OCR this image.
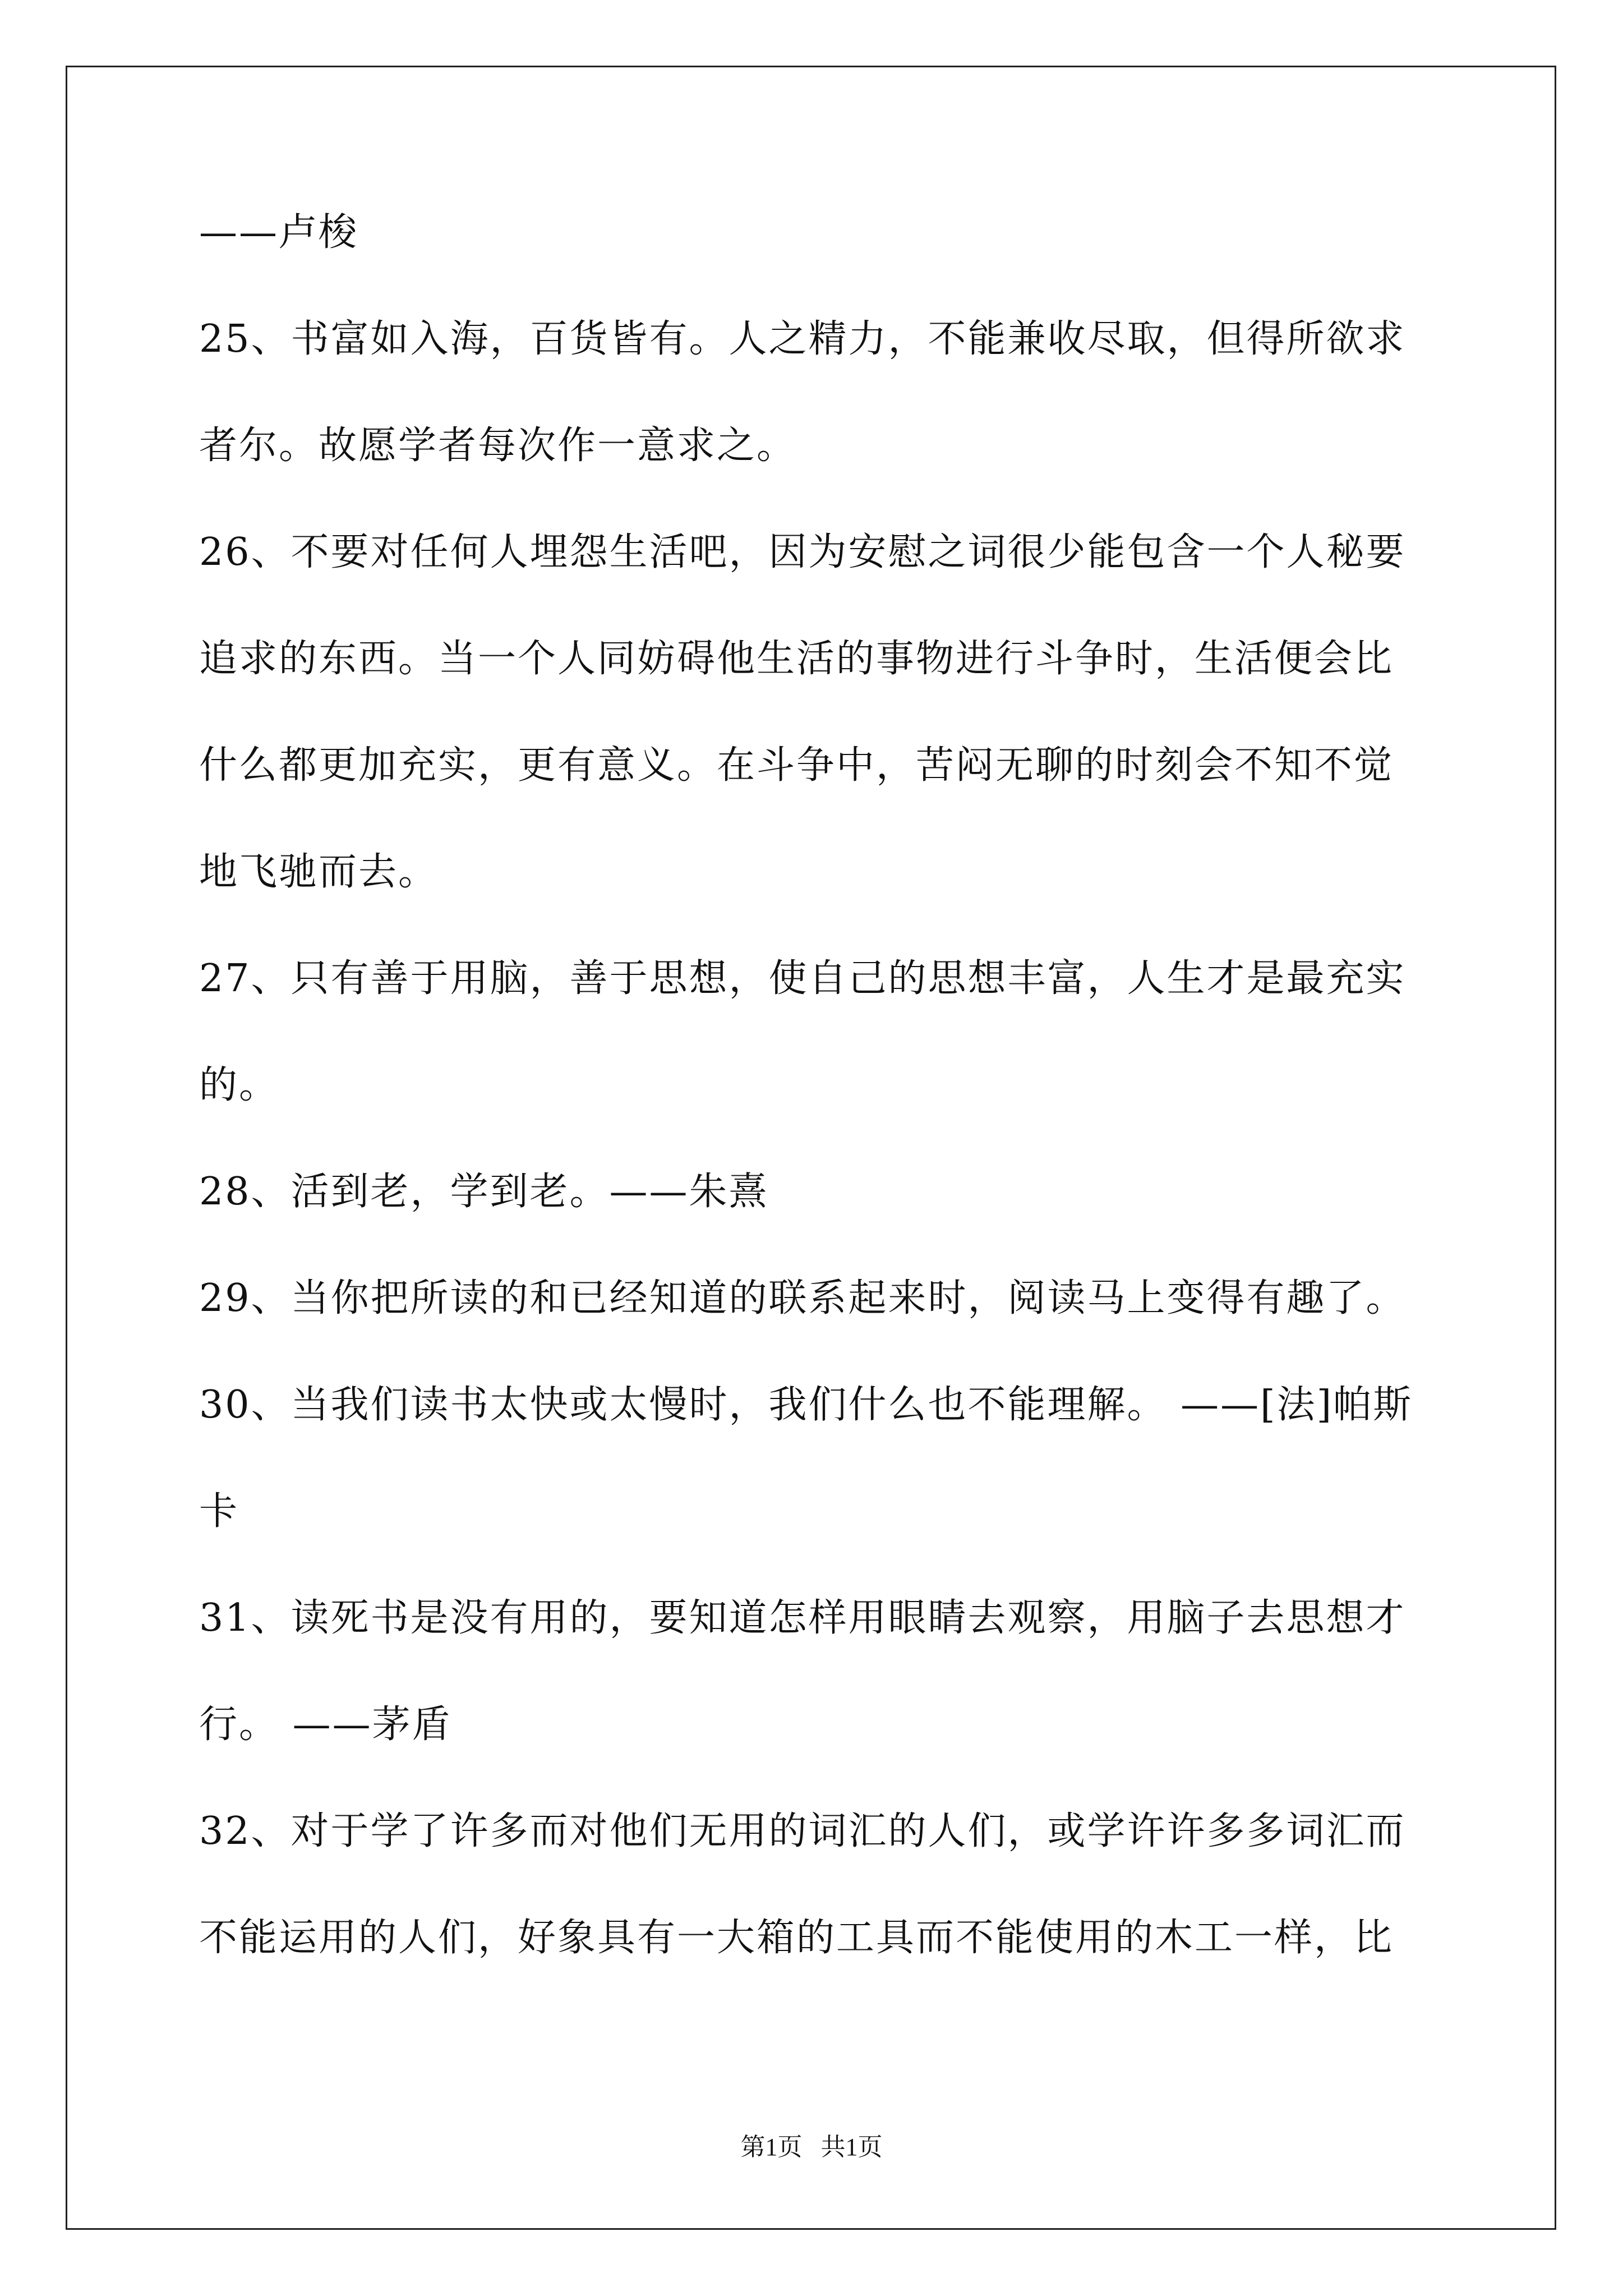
——卢梭
25、书富如入海，百货皆有。人之精力，不能兼收尽取，但得所欲求
者尔。故愿学者每次作一意求之。
26、不要对任何人埋怨生活吧，因为安慰之词很少能包含一个人秘要
追求的东西。当一个人同妨碍他生活的事物进行斗争时，生活便会比
什么都更加充实，更有意义。在斗争中，苦闷无聊的时刻会不知不觉
地飞驰而去。
27、只有善于用脑，善于思想，使自己的思想丰富，人生才是最充实
的。
28、活到老，学到老。——朱熹
29、当你把所读的和已经知道的联系起来时，阅读马上变得有趣了。
30、当我们读书太快或太慢时，我们什么也不能理解。 ——[法]帕斯
卡
31、读死书是没有用的，要知道怎样用眼睛去观察，用脑子去思想才
行。 ——茅盾
32、对于学了许多而对他们无用的词汇的人们，或学许许多多词汇而
不能运用的人们，好象具有一大箱的工具而不能使用的木工一样，比
第1页   共1页
